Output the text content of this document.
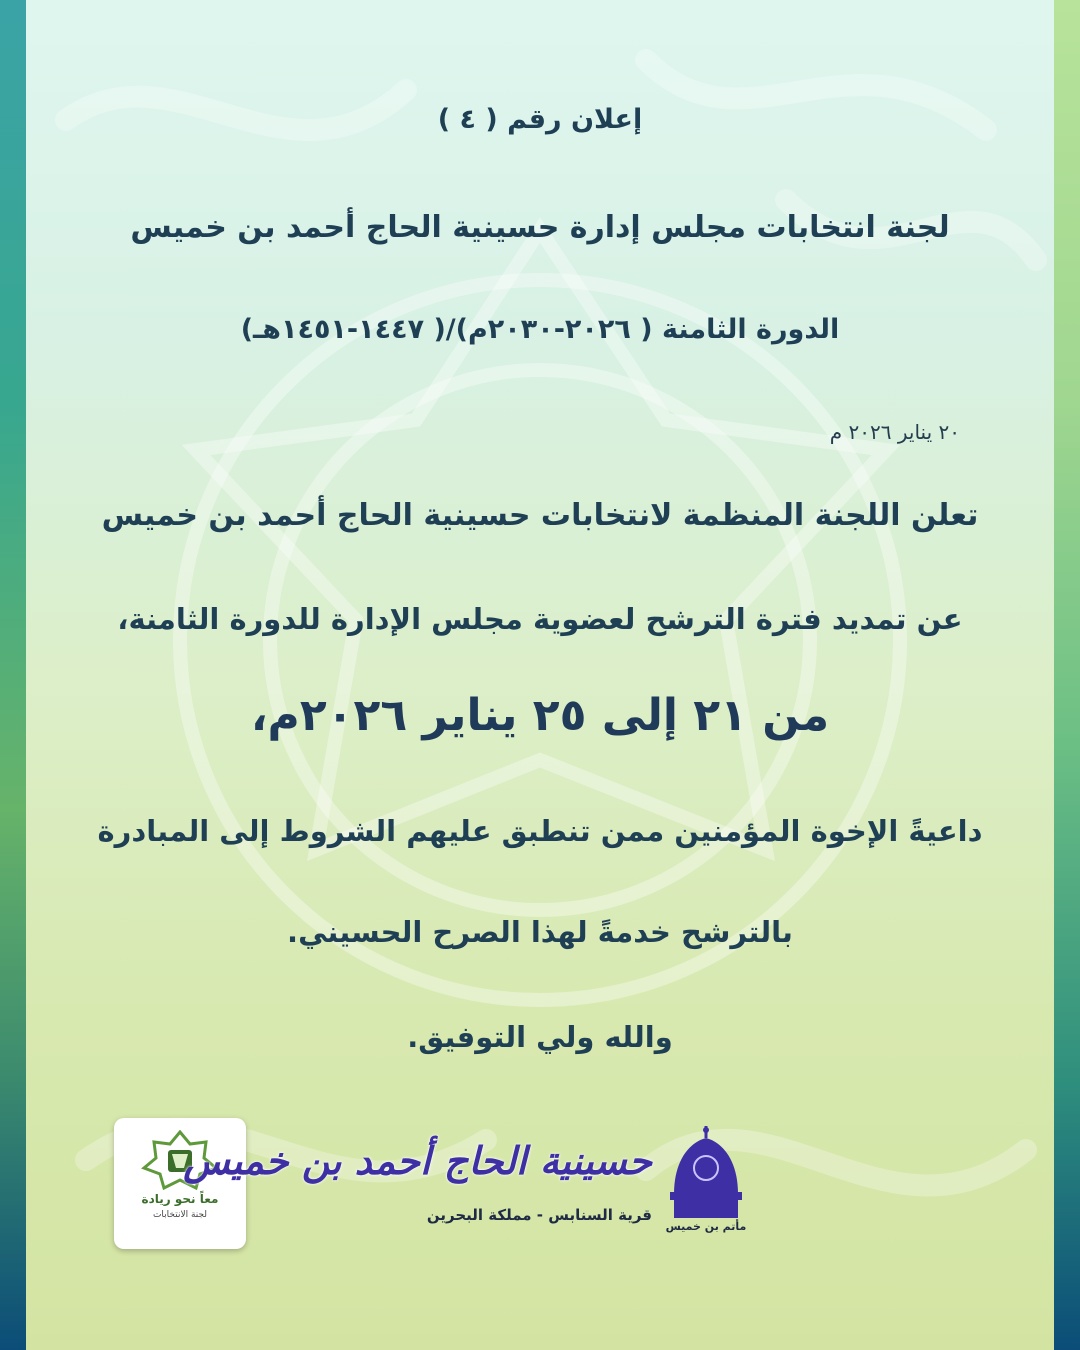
إعلان رقم ( ٤ )
لجنة انتخابات مجلس إدارة حسينية الحاج أحمد بن خميس
الدورة الثامنة ( ٢٠٢٦-٢٠٣٠م)/( ١٤٤٧-١٤٥١هـ)
٢٠ يناير ٢٠٢٦ م
تعلن اللجنة المنظمة لانتخابات حسينية الحاج أحمد بن خميس
عن تمديد فترة الترشح لعضوية مجلس الإدارة للدورة الثامنة،
من ٢١ إلى ٢٥ يناير ٢٠٢٦م،
داعيةً الإخوة المؤمنين ممن تنطبق عليهم الشروط إلى المبادرة
بالترشح خدمةً لهذا الصرح الحسيني.
والله ولي التوفيق.
معاً نحو ريادة
لجنة الانتخابات
حسينية الحاج أحمد بن خميس
قرية السنابس - مملكة البحرين
مأتم بن خميس
